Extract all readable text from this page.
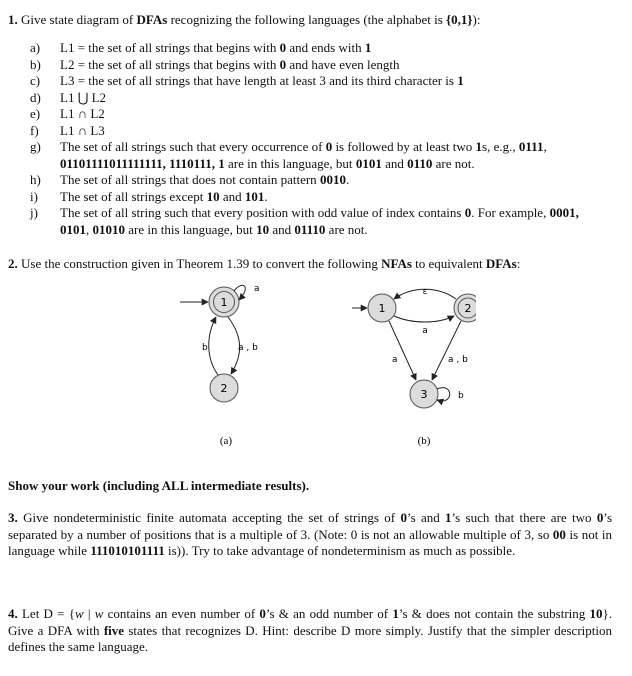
1. Give state diagram of DFAs recognizing the following languages (the alphabet is {0,1}):
a)	L1 = the set of all strings that begins with 0 and ends with 1
b)	L2 = the set of all strings that begins with 0 and have even length
c)	L3 = the set of all strings that have length at least 3 and its third character is 1
d)	L1 ⋃ L2
e)	L1 ∩ L2
f)	L1 ∩ L3
g)	The set of all strings such that every occurrence of 0 is followed by at least two 1s, e.g., 0111,
01101111011111111, 1110111, 1 are in this language, but 0101 and 0110 are not.
h)	The set of all strings that does not contain pattern 0010.
i)	The set of all strings except 10 and 101.
j)	The set of all string such that every position with odd value of index contains 0. For example, 0001,
0101, 01010 are in this language, but 10 and 01110 are not.
2. Use the construction given in Theorem 1.39 to convert the following NFAs to equivalent DFAs:
1
a
2
a , b
b
(a)
1	2
ε
a
3
a	a , b
b
(b)
Show your work (including ALL intermediate results).
3. Give nondeterministic finite automata accepting the set of strings of 0’s and 1’s such that there are two 0’s separated by a number of positions that is a multiple of 3. (Note: 0 is not an allowable multiple of 3, so 00 is not in language while 111010101111 is)). Try to take advantage of nondeterminism as much as possible.
4. Let D = {w | w contains an even number of 0’s & an odd number of 1’s & does not contain the substring 10}. Give a DFA with five states that recognizes D. Hint: describe D more simply. Justify that the simpler description defines the same language.
